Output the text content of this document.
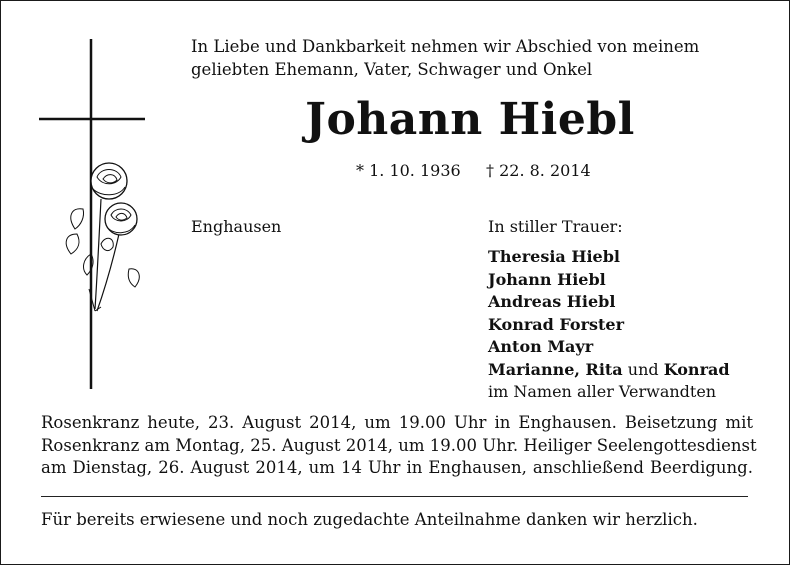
In Liebe und Dankbarkeit nehmen wir Abschied von meinem
geliebten Ehemann, Vater, Schwager und Onkel
Johann Hiebl
* 1. 10. 1936 † 22. 8. 2014
Enghausen	In stiller Trauer:
Theresia Hiebl
Johann Hiebl
Andreas Hiebl
Konrad Forster
Anton Mayr
Marianne, Rita und Konrad
im Namen aller Verwandten
Rosenkranz heute, 23. August 2014, um 19.00 Uhr in Enghausen. Beisetzung mit
Rosenkranz am Montag, 25. August 2014, um 19.00 Uhr. Heiliger Seelengottesdienst
am Dienstag, 26. August 2014, um 14 Uhr in Enghausen, anschließend Beerdigung.
Für bereits erwiesene und noch zugedachte Anteilnahme danken wir herzlich.
